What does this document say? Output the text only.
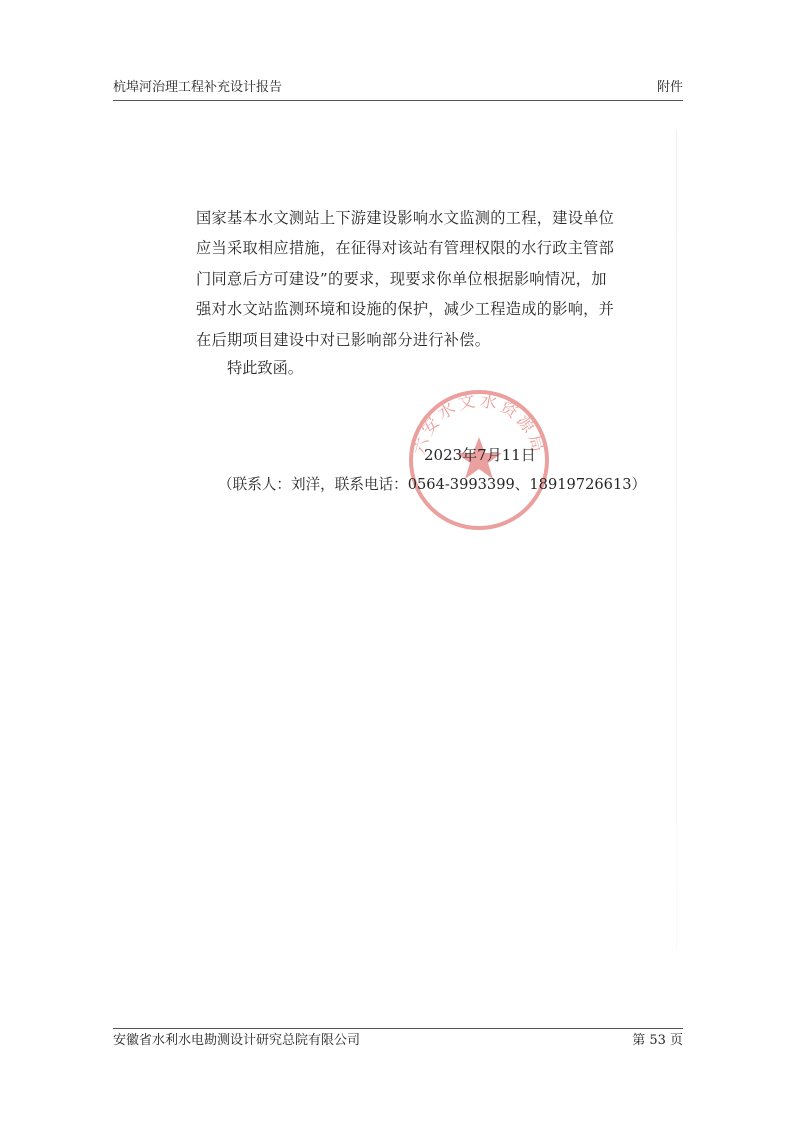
杭埠河治理工程补充设计报告	附件
国家基本水文测站上下游建设影响水文监测的工程，建设单位
应当采取相应措施，在征得对该站有管理权限的水行政主管部
门同意后方可建设”的要求，现要求你单位根据影响情况，加
强对水文站监测环境和设施的保护，减少工程造成的影响，并
在后期项目建设中对已影响部分进行补偿。
特此致函。
六安水文水资源局
2023年7月11日
（联系人：刘洋，联系电话：0564-3993399、18919726613）
安徽省水利水电勘测设计研究总院有限公司	第 53 页
